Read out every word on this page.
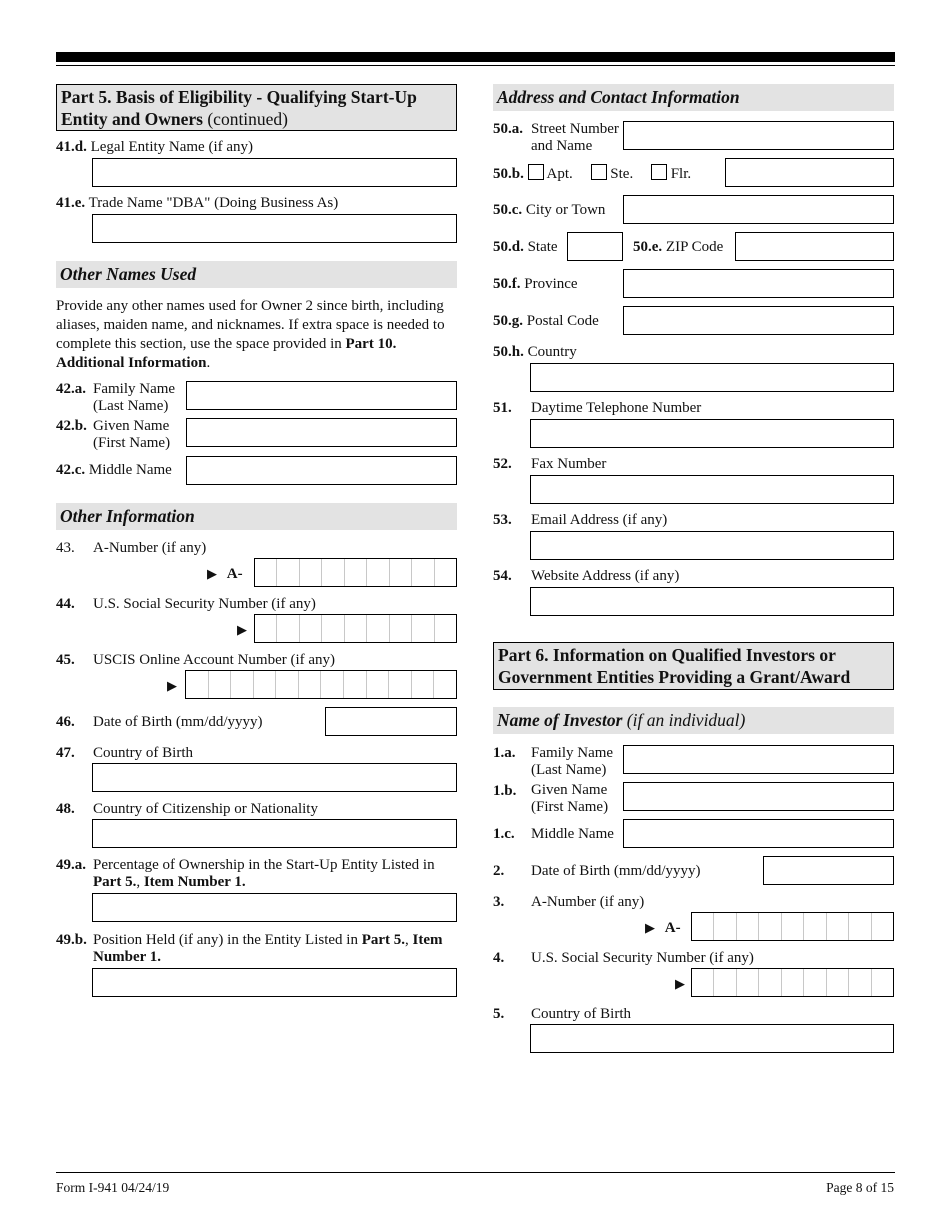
Part 5. Basis of Eligibility - Qualifying Start-Up Entity and Owners (continued)
41.d. Legal Entity Name (if any)
41.e. Trade Name "DBA" (Doing Business As)
Other Names Used
Provide any other names used for Owner 2 since birth, including aliases, maiden name, and nicknames. If extra space is needed to complete this section, use the space provided in Part 10. Additional Information.
42.a. Family Name
(Last Name)
42.b. Given Name
(First Name)
42.c. Middle Name
Other Information
43. A-Number (if any)
▶ A-
44. U.S. Social Security Number (if any)
▶
45. USCIS Online Account Number (if any)
▶
46. Date of Birth (mm/dd/yyyy)
47. Country of Birth
48. Country of Citizenship or Nationality
49.a. Percentage of Ownership in the Start-Up Entity Listed in
Part 5., Item Number 1.
49.b. Position Held (if any) in the Entity Listed in Part 5., Item
Number 1.
Address and Contact Information
50.a. Street Number
and Name
50.b. Apt.	Ste.	Flr.
50.c. City or Town
50.d. State	50.e. ZIP Code
50.f. Province
50.g. Postal Code
50.h. Country
51. Daytime Telephone Number
52. Fax Number
53. Email Address (if any)
54. Website Address (if any)
Part 6. Information on Qualified Investors or Government Entities Providing a Grant/Award
Name of Investor (if an individual)
1.a. Family Name
(Last Name)
1.b. Given Name
(First Name)
1.c. Middle Name
2. Date of Birth (mm/dd/yyyy)
3. A-Number (if any)
▶ A-
4. U.S. Social Security Number (if any)
▶
5. Country of Birth
Form I-941 04/24/19	Page 8 of 15
